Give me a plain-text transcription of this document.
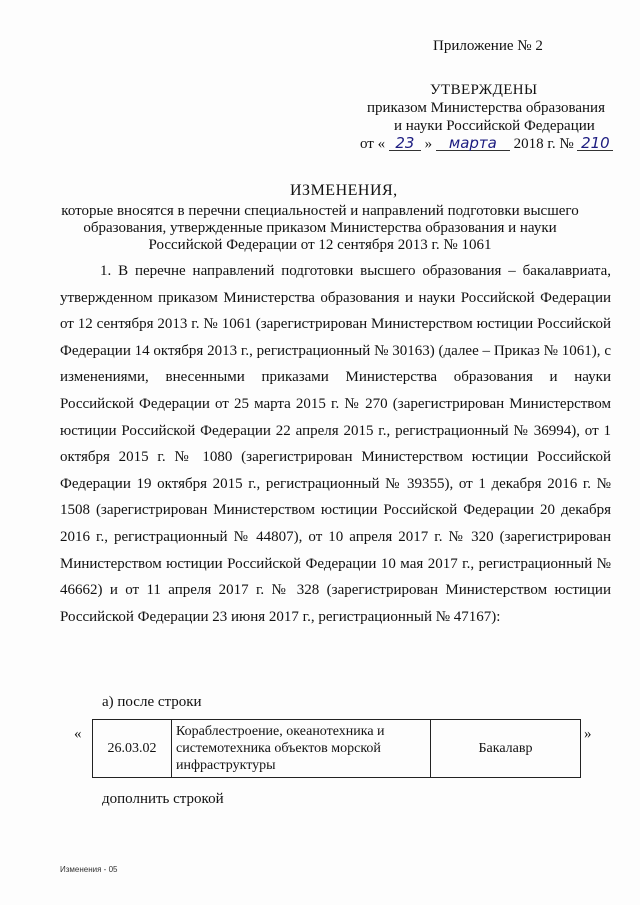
Приложение № 2
УТВЕРЖДЕНЫ
приказом Министерства образования
и науки Российской Федерации
от « 23 » марта 2018 г. № 210
ИЗМЕНЕНИЯ,
которые вносятся в перечни специальностей и направлений подготовки высшего
образования, утвержденные приказом Министерства образования и науки
Российской Федерации от 12 сентября 2013 г. № 1061
1. В перечне направлений подготовки высшего образования – бакалавриата, утвержденном приказом Министерства образования и науки Российской Федерации от 12 сентября 2013 г. № 1061 (зарегистрирован Министерством юстиции Российской Федерации 14 октября 2013 г., регистрационный № 30163) (далее – Приказ № 1061), с изменениями, внесенными приказами Министерства образования и науки Российской Федерации от 25 марта 2015 г. № 270 (зарегистрирован Министерством юстиции Российской Федерации 22 апреля 2015 г., регистрационный № 36994), от 1 октября 2015 г. № 1080 (зарегистрирован Министерством юстиции Российской Федерации 19 октября 2015 г., регистрационный № 39355), от 1 декабря 2016 г. № 1508 (зарегистрирован Министерством юстиции Российской Федерации 20 декабря 2016 г., регистрационный № 44807), от 10 апреля 2017 г. № 320 (зарегистрирован Министерством юстиции Российской Федерации 10 мая 2017 г., регистрационный № 46662) и от 11 апреля 2017 г. № 328 (зарегистрирован Министерством юстиции Российской Федерации 23 июня 2017 г., регистрационный № 47167):
а) после строки
«
26.03.02	Кораблестроение, океанотехника и системотехника объектов морской инфраструктуры	Бакалавр
»
дополнить строкой
Изменения - 05
